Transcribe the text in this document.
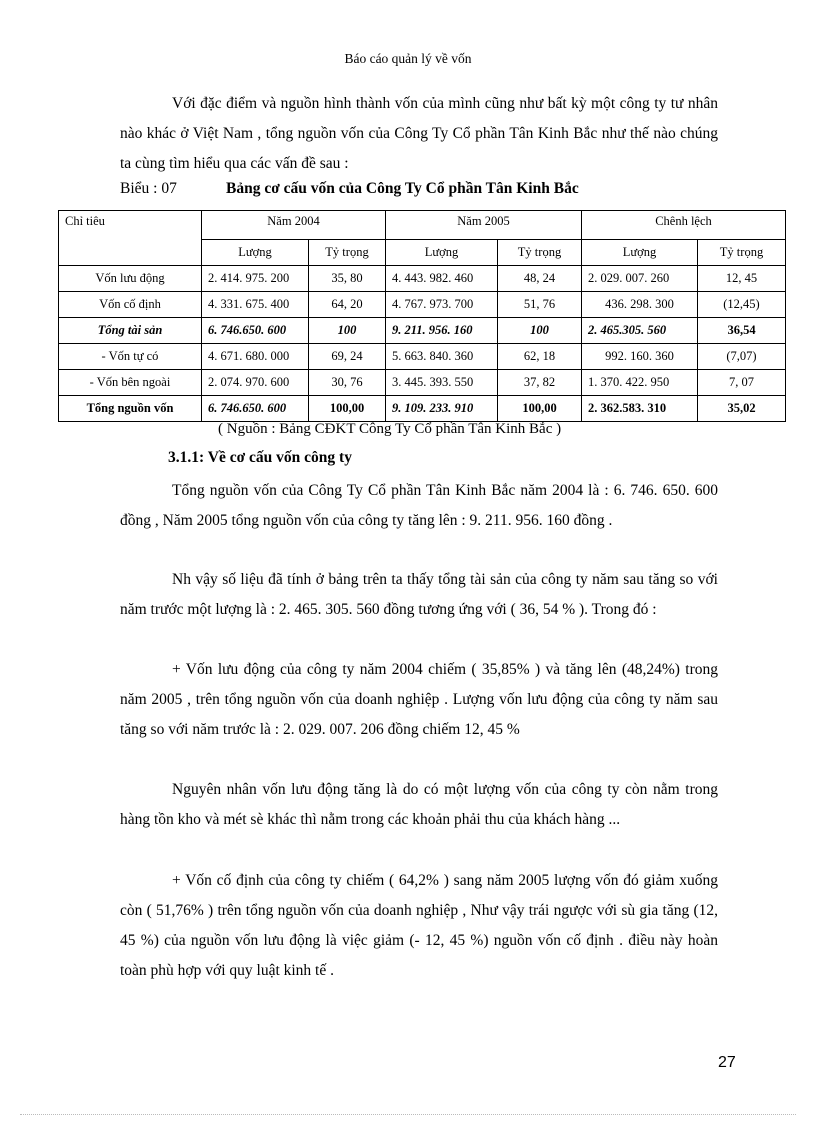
Báo cáo quản lý về vốn
Với đặc điểm và nguồn hình thành vốn của mình cũng như bất kỳ một công ty tư nhân nào khác ở Việt Nam , tổng nguồn vốn của Công Ty Cổ phần Tân Kinh Bắc như thế nào chúng ta cùng tìm hiểu qua các vấn đề sau :
Biểu : 07	Bảng cơ cấu vốn của Công Ty Cổ phần Tân Kinh Bắc
Chỉ tiêu	Năm 2004		Năm 2005		Chênh lệch	
	Lượng	Tỷ trọng	Lượng	Tỷ trọng	Lượng	Tỷ trọng
Vốn lưu động	2. 414. 975. 200	35, 80	4. 443. 982. 460	48, 24	2. 029. 007. 260	12, 45
Vốn cố định	4. 331. 675. 400	64, 20	4. 767. 973. 700	51, 76	436. 298. 300	(12,45)
Tổng tài sản	6. 746.650. 600	100	9. 211. 956. 160	100	2. 465.305. 560	36,54
- Vốn tự có	4. 671. 680. 000	69, 24	5. 663. 840. 360	62, 18	992. 160. 360	(7,07)
- Vốn bên ngoài	2. 074. 970. 600	30, 76	3. 445. 393. 550	37, 82	1. 370. 422. 950	7, 07
Tổng nguồn vốn	6. 746.650. 600	100,00	9. 109. 233. 910	100,00	2. 362.583. 310	35,02
( Nguồn : Bảng CĐKT Công Ty Cổ phần Tân Kinh Bắc )
3.1.1: Về cơ cấu vốn công ty
Tổng nguồn vốn của Công Ty Cổ phần Tân Kinh Bắc năm 2004 là : 6. 746. 650. 600 đồng , Năm 2005 tổng nguồn vốn của công ty tăng lên : 9. 211. 956. 160 đồng .
Nh vậy số liệu đã tính ở bảng trên ta thấy tổng tài sản của công ty năm sau tăng so với năm trước một lượng là : 2. 465. 305. 560 đồng tương ứng với ( 36, 54 % ). Trong đó :
+ Vốn lưu động của công ty năm 2004 chiếm ( 35,85% ) và tăng lên (48,24%) trong năm 2005 , trên tổng nguồn vốn của doanh nghiệp . Lượng vốn lưu động của công ty năm sau tăng so với năm trước là : 2. 029. 007. 206 đồng chiếm 12, 45 %
Nguyên nhân vốn lưu động tăng là do có một lượng vốn của công ty còn nằm trong hàng tồn kho và mét sè khác thì nằm trong các khoản phải thu của khách hàng ...
+ Vốn cố định của công ty chiếm ( 64,2% ) sang năm 2005 lượng vốn đó giảm xuống còn ( 51,76% ) trên tổng nguồn vốn của doanh nghiệp , Như vậy trái ngược với sù gia tăng (12, 45 %) của nguồn vốn lưu động là việc giảm (- 12, 45 %) nguồn vốn cố định . điều này hoàn toàn phù hợp với quy luật kinh tế .
27
